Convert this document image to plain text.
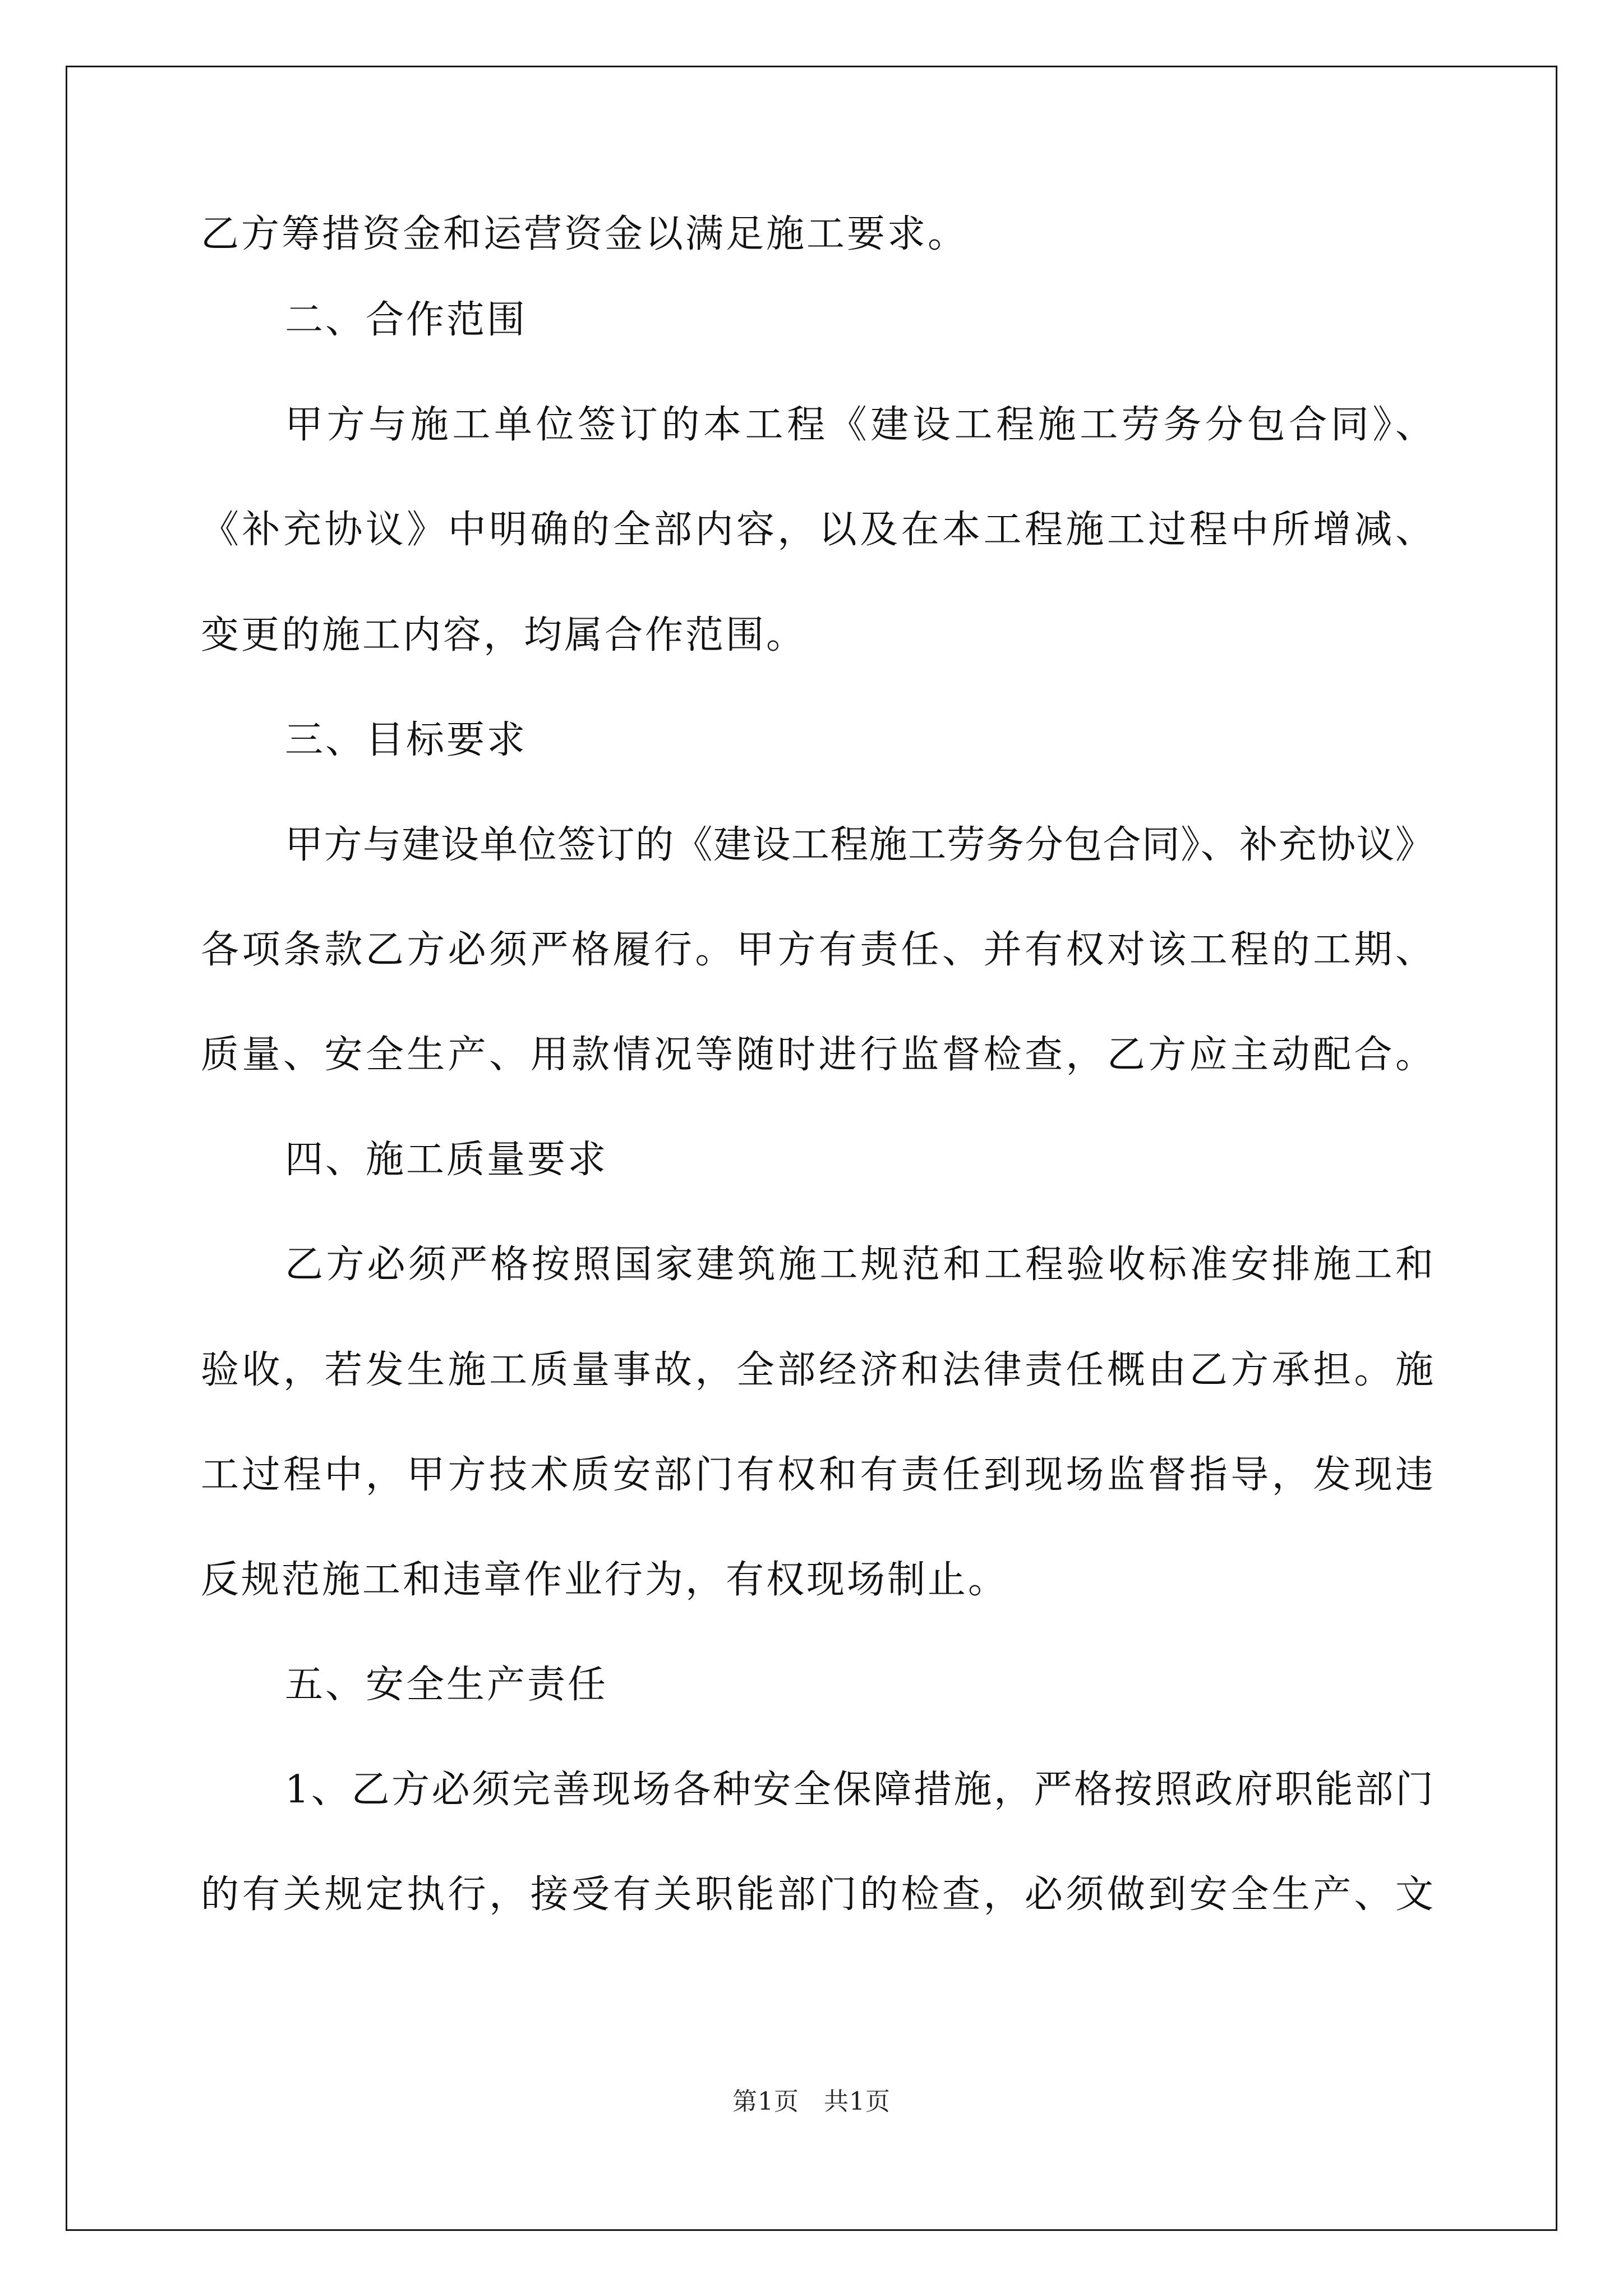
乙方筹措资金和运营资金以满足施工要求。
二、合作范围
甲方与施工单位签订的本工程《建设工程施工劳务分包合同》、
《补充协议》中明确的全部内容，以及在本工程施工过程中所增减、
变更的施工内容，均属合作范围。
三、目标要求
甲方与建设单位签订的《建设工程施工劳务分包合同》、补充协议》
各项条款乙方必须严格履行。甲方有责任、并有权对该工程的工期、
质量、安全生产、用款情况等随时进行监督检查，乙方应主动配合。
四、施工质量要求
乙方必须严格按照国家建筑施工规范和工程验收标准安排施工和
验收，若发生施工质量事故，全部经济和法律责任概由乙方承担。施
工过程中，甲方技术质安部门有权和有责任到现场监督指导，发现违
反规范施工和违章作业行为，有权现场制止。
五、安全生产责任
1、乙方必须完善现场各种安全保障措施，严格按照政府职能部门
的有关规定执行，接受有关职能部门的检查，必须做到安全生产、文
第1页 共1页
